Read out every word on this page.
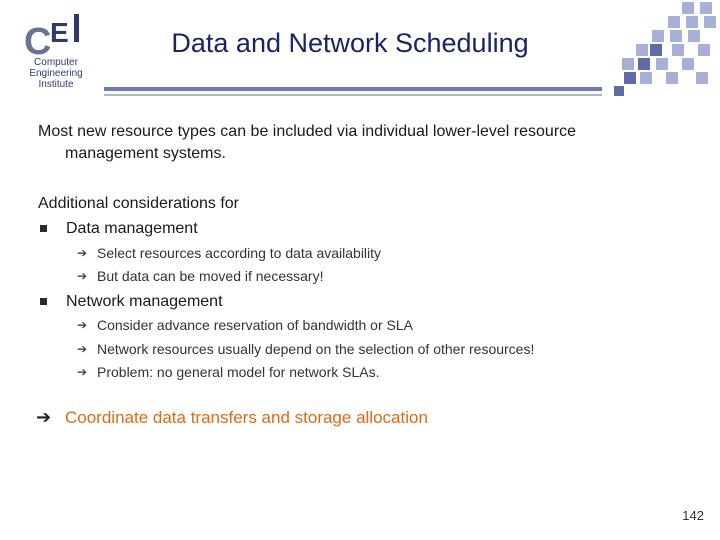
C
E
Computer
Engineering
Institute
Data and Network Scheduling
Most new resource types can be included via individual lower-level resource
management systems.
Additional considerations for
Data management
➔ Select resources according to data availability
➔ But data can be moved if necessary!
Network management
➔ Consider advance reservation of bandwidth or SLA
➔ Network resources usually depend on the selection of other resources!
➔ Problem: no general model for network SLAs.
➔ Coordinate data transfers and storage allocation
142
